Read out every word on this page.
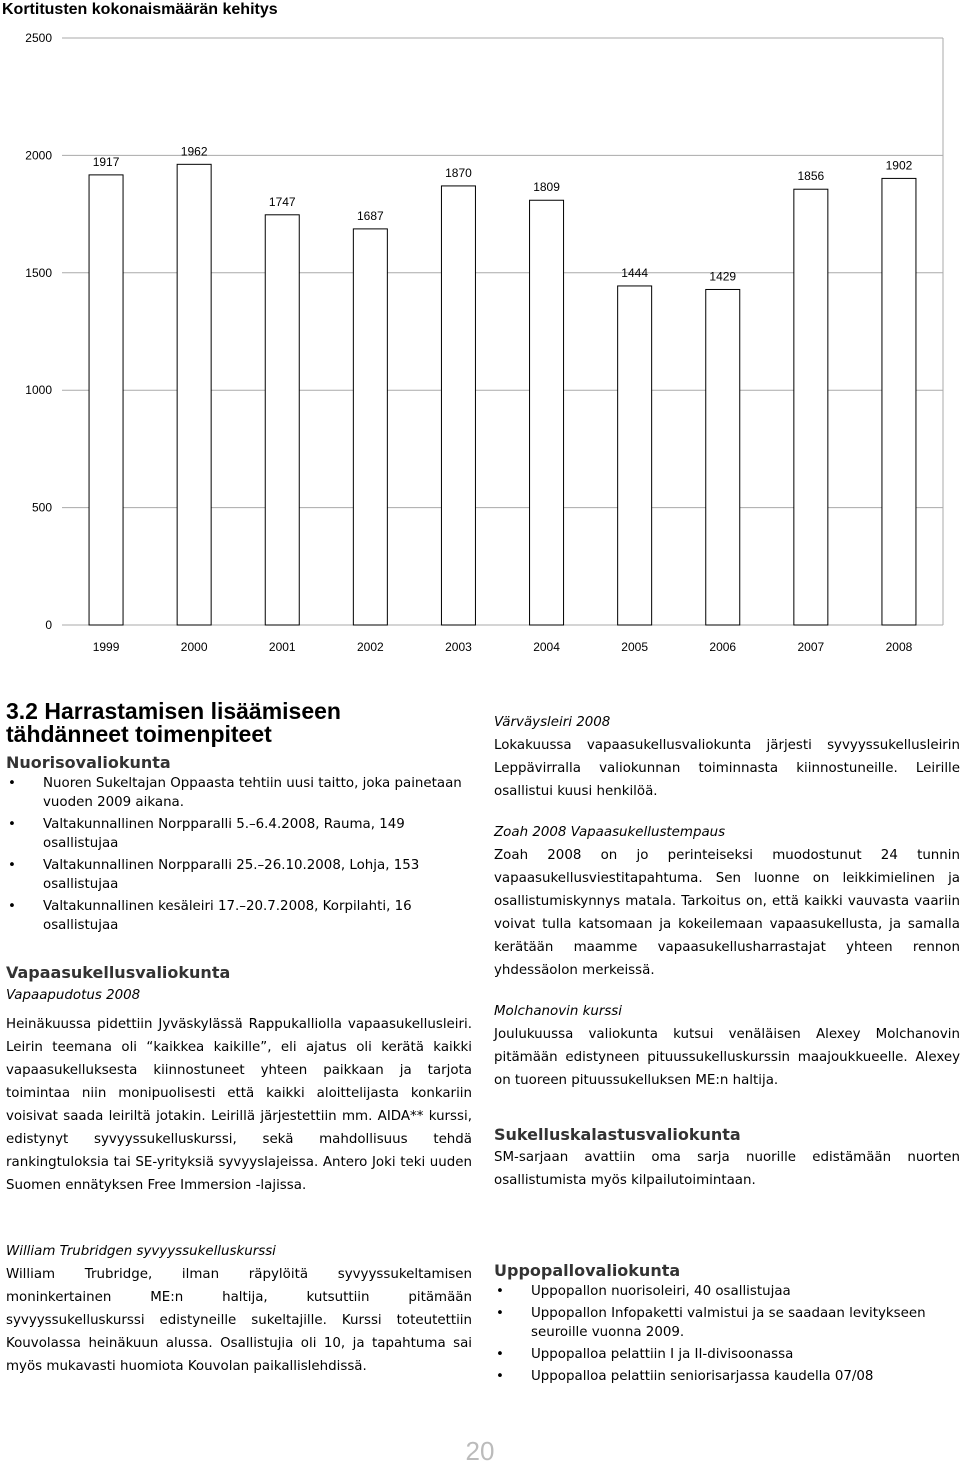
Kortitusten kokonaismäärän kehitys
0
500
1000
1500
2000
2500
1917
1962
1747
1687
1870
1809
1444	1429
1856
1902
1999	2000	2001	2002	2003	2004	2005	2006	2007	2008
3.2 Harrastamisen lisäämiseen
tähdänneet toimenpiteet
Nuorisovaliokunta
• Nuoren Sukeltajan Oppaasta tehtiin uusi taitto, joka painetaan vuoden 2009 aikana.
• Valtakunnallinen Norpparalli 5.–6.4.2008, Rauma, 149 osallistujaa
• Valtakunnallinen Norpparalli 25.–26.10.2008, Lohja, 153 osallistujaa
• Valtakunnallinen kesäleiri 17.–20.7.2008, Korpilahti, 16 osallistujaa
Vapaasukellusvaliokunta
Vapaapudotus 2008

Heinäkuussa pidettiin Jyväskylässä Rappukalliolla vapaasukellusleiri. Leirin teemana oli “kaikkea kaikille”, eli ajatus oli kerätä kaikki vapaasukelluksesta kiinnostuneet yhteen paikkaan ja tarjota toimintaa niin monipuolisesti että kaikki aloittelijasta konkariin voisivat saada leiriltä jotakin. Leirillä järjestettiin mm. AIDA** kurssi, edistynyt syvyyssukelluskurssi, sekä mahdollisuus tehdä rankingtuloksia tai SE-yrityksiä syvyyslajeissa. Antero Joki teki uuden Suomen ennätyksen Free Immersion -lajissa.

William Trubridgen syvyyssukelluskurssi

William Trubridge, ilman räpylöitä syvyyssukeltamisen moninkertainen ME:n haltija, kutsuttiin pitämään syvyyssukelluskurssi edistyneille sukeltajille. Kurssi toteutettiin Kouvolassa heinäkuun alussa. Osallistujia oli 10, ja tapahtuma sai myös mukavasti huomiota Kouvolan paikallislehdissä.

Värväysleiri 2008

Lokakuussa vapaasukellusvaliokunta järjesti syvyyssukellusleirin Leppävirralla valiokunnan toiminnasta kiinnostuneille. Leirille osallistui kuusi henkilöä.

Zoah 2008 Vapaasukellustempaus

Zoah 2008 on jo perinteiseksi muodostunut 24 tunnin vapaasukellusviestitapahtuma. Sen luonne on leikkimielinen ja osallistumiskynnys matala. Tarkoitus on, että kaikki vauvasta vaariin voivat tulla katsomaan ja kokeilemaan vapaasukellusta, ja samalla kerätään maamme vapaasukellusharrastajat yhteen rennon yhdessäolon merkeissä.

Molchanovin kurssi

Joulukuussa valiokunta kutsui venäläisen Alexey Molchanovin pitämään edistyneen pituussukelluskurssin maajoukkueelle. Alexey on tuoreen pituussukelluksen ME:n haltija.

Sukelluskalastusvaliokunta

SM-sarjaan avattiin oma sarja nuorille edistämään nuorten osallistumista myös kilpailutoimintaan.

Uppopallovaliokunta
• Uppopallon nuorisoleiri, 40 osallistujaa
• Uppopallon Infopaketti valmistui ja se saadaan levitykseen seuroille vuonna 2009.
• Uppopalloa pelattiin I ja II-divisoonassa
• Uppopalloa pelattiin seniorisarjassa kaudella 07/08
20
